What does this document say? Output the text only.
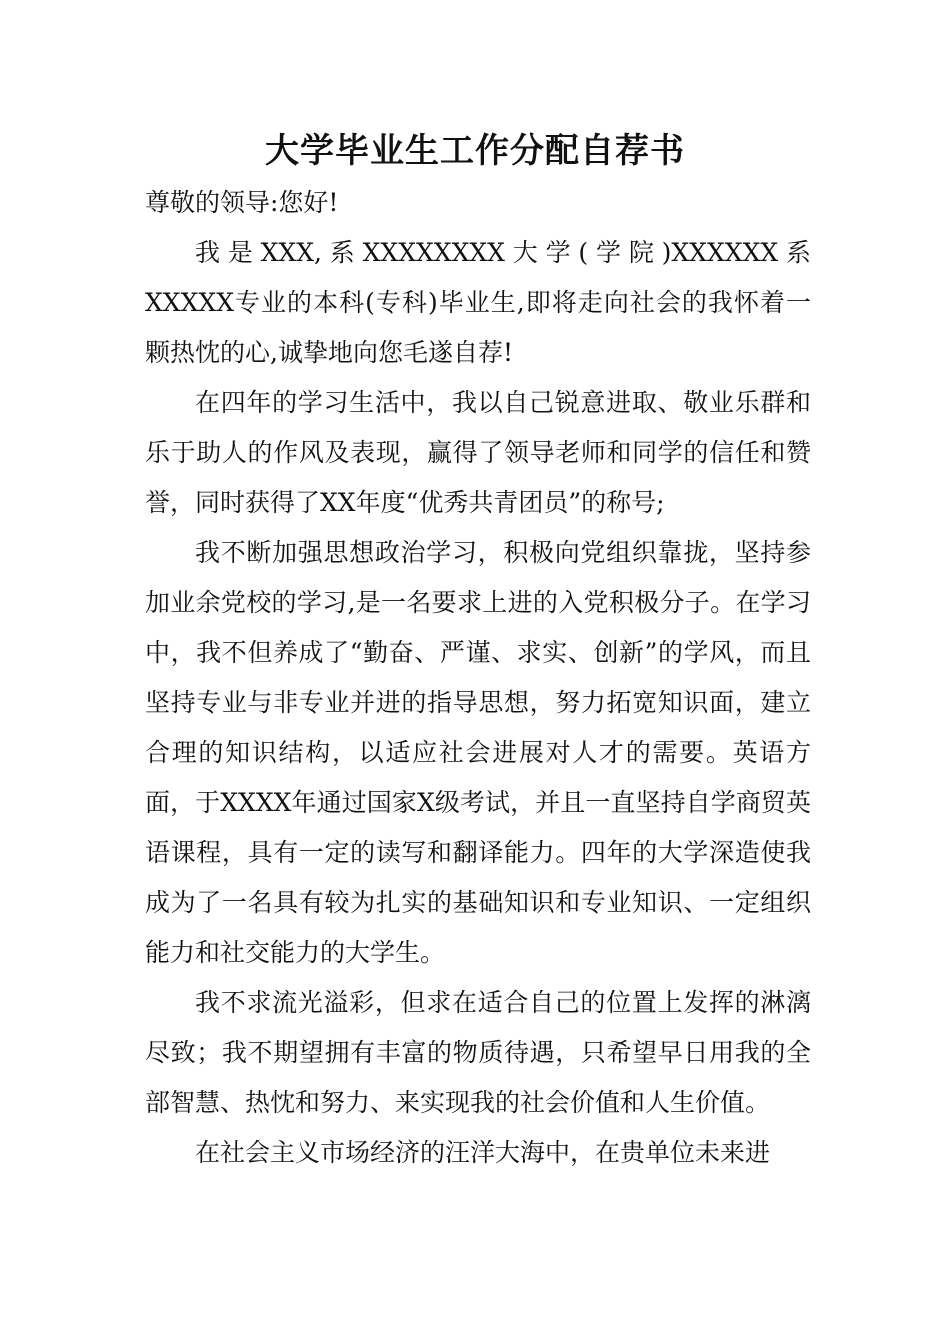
大学毕业生工作分配自荐书

尊敬的领导:您好!

我是XXX,系XXXXXXXX大学(学院)XXXXXX系XXXXX专业的本科(专科)毕业生,即将走向社会的我怀着一颗热忱的心,诚挚地向您毛遂自荐!

在四年的学习生活中，我以自己锐意进取、敬业乐群和乐于助人的作风及表现，赢得了领导老师和同学的信任和赞誉，同时获得了XX年度“优秀共青团员”的称号;

我不断加强思想政治学习，积极向党组织靠拢，坚持参加业余党校的学习,是一名要求上进的入党积极分子。在学习中，我不但养成了“勤奋、严谨、求实、创新”的学风，而且坚持专业与非专业并进的指导思想，努力拓宽知识面，建立合理的知识结构，以适应社会进展对人才的需要。英语方面，于XXXX年通过国家X级考试，并且一直坚持自学商贸英语课程，具有一定的读写和翻译能力。四年的大学深造使我成为了一名具有较为扎实的基础知识和专业知识、一定组织能力和社交能力的大学生。

我不求流光溢彩，但求在适合自己的位置上发挥的淋漓尽致；我不期望拥有丰富的物质待遇，只希望早日用我的全部智慧、热忱和努力、来实现我的社会价值和人生价值。

在社会主义市场经济的汪洋大海中，在贵单位未来进
